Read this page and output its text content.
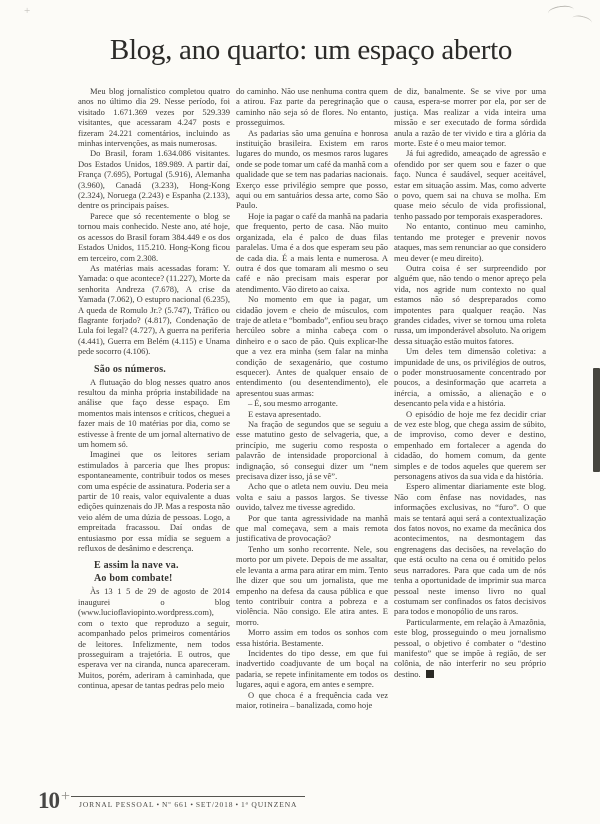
+
Blog, ano quarto: um espaço aberto

Meu blog jornalístico completou quatro anos no último dia 29. Nesse período, foi visitado 1.671.369 vezes por 529.339 visitantes, que acessaram 4.247 posts e fizeram 24.221 comentários, incluindo as minhas intervenções, as mais numerosas.

Do Brasil, foram 1.634.086 visitantes. Dos Estados Unidos, 189.989. A partir daí, França (7.695), Portugal (5.916), Alemanha (3.960), Canadá (3.233), Hong-Kong (2.324), Noruega (2.243) e Espanha (2.133), dentre os principais países.

Parece que só recentemente o blog se tornou mais conhecido. Neste ano, até hoje, os acessos do Brasil foram 384.449 e os dos Estados Unidos, 115.210. Hong-Kong ficou em terceiro, com 2.308.

As matérias mais acessadas foram: Y. Yamada: o que acontece? (11.227), Morte da senhorita Andreza (7.678), A crise da Yamada (7.062), O estupro nacional (6.235), A queda de Romulo Jr.? (5.747), Tráfico ou flagrante forjado? (4.817), Condenação de Lula foi legal? (4.727), A guerra na periferia (4.441), Guerra em Belém (4.115) e Unama pede socorro (4.106).

São os números.

A flutuação do blog nesses quatro anos resultou da minha própria instabilidade na análise que faço desse espaço. Em momentos mais intensos e críticos, cheguei a fazer mais de 10 matérias por dia, como se estivesse à frente de um jornal alternativo de um homem só.

Imaginei que os leitores seriam estimulados à parceria que lhes propus: espontaneamente, contribuir todos os meses com uma espécie de assinatura. Poderia ser a partir de 10 reais, valor equivalente a duas edições quinzenais do JP. Mas a resposta não veio além de uma dúzia de pessoas. Logo, a empreitada fracassou. Daí ondas de entusiasmo por essa mídia se seguem a refluxos de desânimo e descrença.

E assim la nave va.
Ao bom combate!

Às 13 1 5 de 29 de agosto de 2014 inaugurei o blog (www.lucioflaviopinto.wordpress.com), com o texto que reproduzo a seguir, acompanhado pelos primeiros comentários de leitores. Infelizmente, nem todos prosseguiram a trajetória. E outros, que esperava ver na ciranda, nunca apareceram. Muitos, porém, aderiram à caminhada, que continua, apesar de tantas pedras pelo meio

do caminho. Não use nenhuma contra quem a atirou. Faz parte da peregrinação que o caminho não seja só de flores. No entanto, prosseguimos.

As padarias são uma genuína e honrosa instituição brasileira. Existem em raros lugares do mundo, os mesmos raros lugares onde se pode tomar um café da manhã com a qualidade que se tem nas padarias nacionais. Exerço esse privilégio sempre que posso, aqui ou em santuários dessa arte, como São Paulo.

Hoje ia pagar o café da manhã na padaria que frequento, perto de casa. Não muito organizada, ela é palco de duas filas paralelas. Uma é a dos que esperam seu pão de cada dia. É a mais lenta e numerosa. A outra é dos que tomaram ali mesmo o seu café e não precisam mais esperar por atendimento. Vão direto ao caixa.

No momento em que ia pagar, um cidadão jovem e cheio de músculos, com traje de atleta e “bombado”, enfiou seu braço hercúleo sobre a minha cabeça com o dinheiro e o saco de pão. Quis explicar-lhe que a vez era minha (sem falar na minha condição de sexagenário, que costumo esquecer). Antes de qualquer ensaio de entendimento (ou desentendimento), ele apresentou suas armas:

– É, sou mesmo arrogante.

E estava apresentado.

Na fração de segundos que se seguiu a esse matutino gesto de selvageria, que, a princípio, me sugeriu como resposta o palavrão de intensidade proporcional à indignação, só consegui dizer um “nem precisava dizer isso, já se vê”.

Acho que o atleta nem ouviu. Deu meia volta e saiu a passos largos. Se tivesse ouvido, talvez me tivesse agredido.

Por que tanta agressividade na manhã que mal começava, sem a mais remota justificativa de provocação?

Tenho um sonho recorrente. Nele, sou morto por um pivete. Depois de me assaltar, ele levanta a arma para atirar em mim. Tento lhe dizer que sou um jornalista, que me empenho na defesa da causa pública e que tento contribuir contra a pobreza e a violência. Não consigo. Ele atira antes. E morro.

Morro assim em todos os sonhos com essa história. Bestamente.

Incidentes do tipo desse, em que fui inadvertido coadjuvante de um boçal na padaria, se repete infinitamente em todos os lugares, aqui e agora, em antes e sempre.

O que choca é a frequência cada vez maior, rotineira – banalizada, como hoje

de diz, banalmente. Se se vive por uma causa, espera-se morrer por ela, por ser de justiça. Mas realizar a vida inteira uma missão e ser executado de forma sórdida anula a razão de ter vivido e tira a glória da morte. Este é o meu maior temor.

Já fui agredido, ameaçado de agressão e ofendido por ser quem sou e fazer o que faço. Nunca é saudável, sequer aceitável, estar em situação assim. Mas, como adverte o povo, quem sai na chuva se molha. Em quase meio século de vida profissional, tenho passado por temporais exasperadores.

No entanto, continuo meu caminho, tentando me proteger e prevenir novos ataques, mas sem renunciar ao que considero meu dever (e meu direito).

Outra coisa é ser surpreendido por alguém que, não tendo o menor apreço pela vida, nos agride num contexto no qual estamos não só despreparados como impotentes para qualquer reação. Nas grandes cidades, viver se tornou uma roleta russa, um imponderável absoluto. Na origem dessa situação estão muitos fatores.

Um deles tem dimensão coletiva: a impunidade de uns, os privilégios de outros, o poder monstruosamente concentrado por poucos, a desinformação que acarreta a inércia, a omissão, a alienação e o desencanto pela vida e a história.

O episódio de hoje me fez decidir criar de vez este blog, que chega assim de súbito, de improviso, como dever e destino, empenhado em fortalecer a agenda do cidadão, do homem comum, da gente simples e de todos aqueles que querem ser personagens ativos da sua vida e da história.

Espero alimentar diariamente este blog. Não com ênfase nas novidades, nas informações exclusivas, no “furo”. O que mais se tentará aqui será a contextualização dos fatos novos, no exame da mecânica dos acontecimentos, na desmontagem das engrenagens das decisões, na revelação do que está oculto na cena ou é omitido pelos seus narradores. Para que cada um de nós tenha a oportunidade de imprimir sua marca pessoal neste imenso livro no qual costumam ser confinados os fatos decisivos para todos e monopólio de uns raros.

Particularmente, em relação à Amazônia, este blog, prosseguindo o meu jornalismo pessoal, o objetivo é combater o “destino manifesto” que se impõe à região, de ser colônia, de não interferir no seu próprio destino.

10 +	JORNAL PESSOAL • Nº 661 • SET/2018 • 1ª QUINZENA
